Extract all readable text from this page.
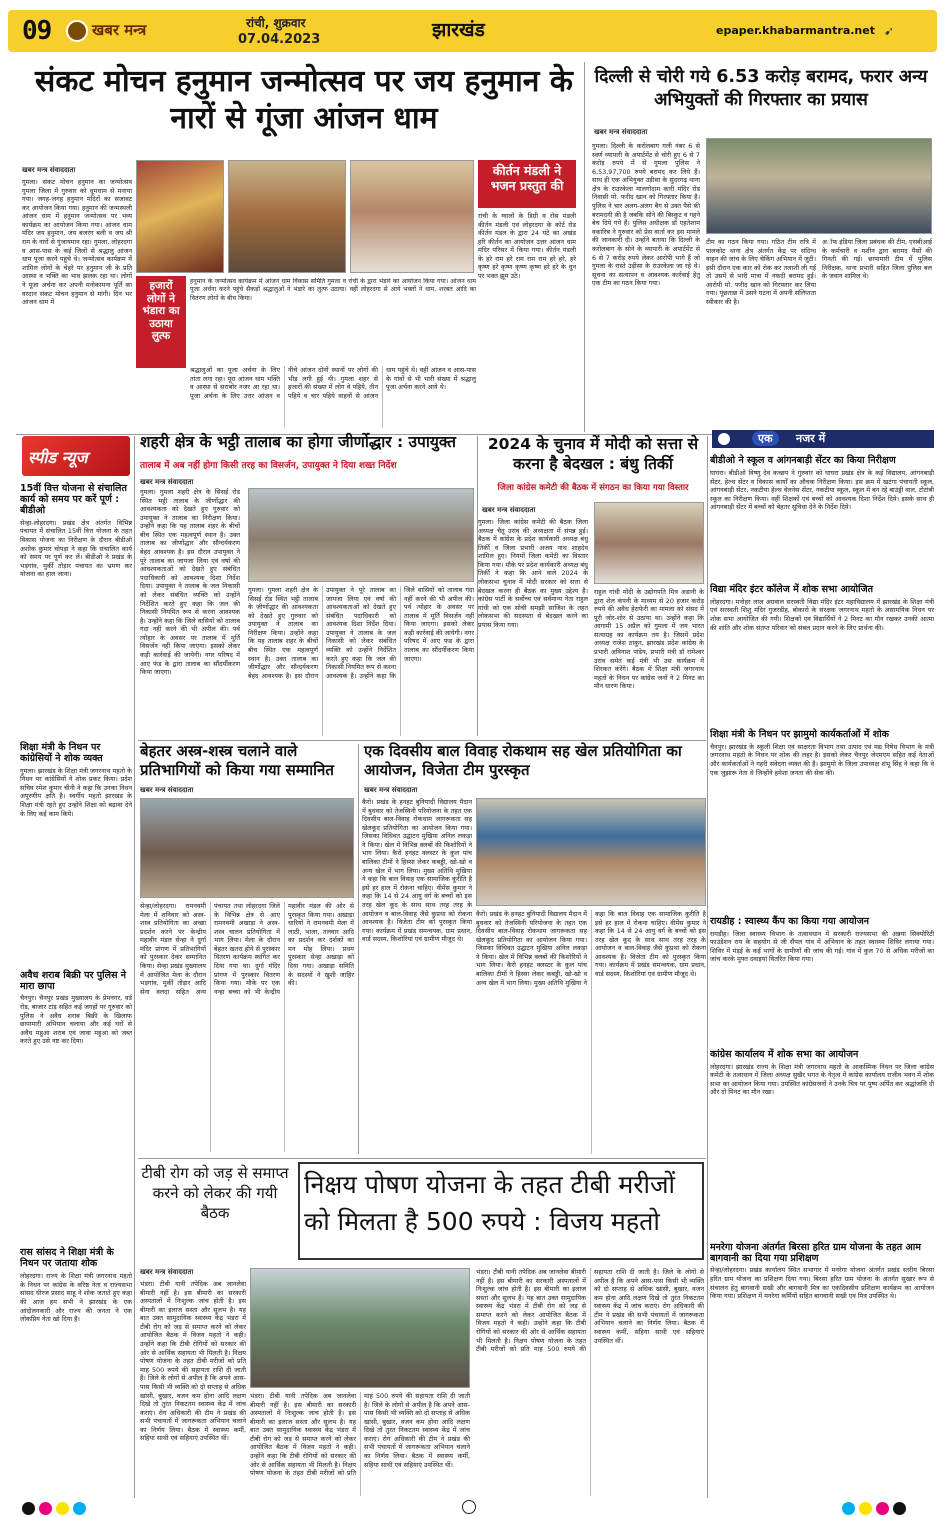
09	खबर मन्त्र	रांची, शुक्रवार
07.04.2023	झारखंड	epaper.khabarmantra.net ➹
संकट मोचन हनुमान जन्मोत्सव पर जय हनुमान के नारों से गूंजा आंजन धाम
खबर मन्त्र संवाददाता
गुमला। संकट मोचन हनुमान का जन्मोत्सव गुमला जिला में गुरुवार को धूमधाम से मनाया गया। जगह-जगह हनुमान मंदिरों का सजावट कर आयोजन किया गया। हनुमान की जन्मस्थली आंजन धाम में हनुमान जन्मोत्सव पर भव्य कार्यक्रम का आयोजन किया गया। आंजन धाम मंदिर जय हनुमान, जय बजरंग बली व जय श्री राम के नारों से गुंजायमान रहा। गुमला, लोहरदगा व आस-पास के कई जिलों से श्रद्धालु आंजन धाम पूजा करने पहुंचे थे। जन्मोत्सव कार्यक्रम में शामिल लोगों के चेहरे पर हनुमान जी के प्रति आस्था व भक्ति का भाव झलक रहा था। लोगों ने पूजा अर्चना कर अपनी मनोकामना पूर्ति का वरदान संकट मोचन हनुमान से मांगी। दिन भर आंजन धाम में
हजारों लोगों ने भंडारा का उठाया लुत्फ
हनुमान के जन्मोत्सव कार्यक्रम में आंजन धाम विकास समिति गुमला व रांची के द्वारा भंडारे का आयोजन किया गया। आंजन धाम पूजा अर्चना करने पहुंचे सैकड़ों श्रद्धालुओं ने भंडारे का लुत्फ उठाया। वहीं लोहरदगा से आये भक्तों ने धाम, शरबत आदि का वितरण लोगों के बीच किया।
कीर्तन मंडली ने भजन प्रस्तुत की
रांची के ग्वालों के डिग्री व रोस मंडली कीर्तन मंडली एवं लोहरदगा के कोर्ट रोड कीर्तन मंडल के द्वारा 24 घंटे का अखंड हरि कीर्तन का आयोजन उत्तर आंजन धाम मंदिर परिसर में किया गया। कीर्तन मंडली के हरे राम हरे राम राम राम हरे हरे, हरे कृष्ण हरे कृष्ण कृष्ण कृष्ण हरे हरे के धुन पर भक्त झूम उठे।
श्रद्धालुओं का पूजा अर्चना के लिए तांता लगा रहा। पूरा आंजन धाम भक्ति व आस्था से सराबोर नजर आ रहा था। पूजा अर्चना के लिए उत्तर आंजन व नीचे आंजन दोनों स्थानों पर लोगों की भीड़ लगी हुई थी। गुमला शहर से हजारों की संख्या में लोग वे पहिये, तीन पहिये व चार पहिये वाहनों से आंजन धाम पहुंचे थे। वहीं आंजन व आस-पास के गांवों से भी भारी संख्या में श्रद्धालु पूजा अर्चना करने आये थे।
दिल्ली से चोरी गये 6.53 करोड़ बरामद, फरार अन्य अभियुक्तों की गिरफ्तार का प्रयास
खबर मन्त्र संवाददाता
गुमला। दिल्ली के करोलबाग गली नंबर 6 से स्वर्ण व्यापारी के अपार्टमेंट से चोरी हुए 6 से 7 करोड़ रुपये में से गुमला पुलिस ने 6,53,97,700 रुपये बरामद कर लिये हैं। साथ ही एक अभियुक्त उड़ीसा के सुंदरगढ़ थाना क्षेत्र के राउरकेला मालगोदाम कारी मंदिर रोड निवासी मो. फरीद खान को गिरफ्तार किया है। पुलिस ने चार अलग-अलग बैग से उक्त पैसे की बरामदगी की है जबकि सोने की बिस्कुट व गहने बेच दिये गये हैं। पुलिस अधीक्षक डॉ एहतेशाम वकारिब ने गुरुवार को प्रेस वार्ता कर इस मामले की जानकारी दी। उन्होंने बताया कि दिल्ली के करोलबाग के सोने के व्यापारी के अपार्टमेंट से 6 से 7 करोड़ रुपये लेकर आरोपी भागे हैं जो गुमला के रास्ते उड़ीसा के राउरकेला जा रहे थे। सूचना का सत्यापन व आवश्यक कार्रवाई हेतु एक टीम का गठन किया गया।
टीम का गठन किया गया। गठित टीम रात्रि में पालकोट थाना क्षेत्र अंतर्गत केंद्र पर संदिग्ध वाहन की जांच के लिए चेकिंग अभियान में जुटी। इसी दौरान एक कार को रोक कर तलाशी ली गई तो उसमें से भारी मात्रा में नकदी बरामद हुई। आरोपी मो. फरीद खान को गिरफ्तार कर लिया गया। पूछताछ में उसने घटना में अपनी संलिप्तता स्वीकार की है।
अॉफ इंडिया जिला प्रबंधक की टीम, एसबीआई के कर्मचारी व मशीन द्वारा बरामद पैसों की गिनती की गई। छापामारी टीम में पुलिस निरीक्षक, थाना प्रभारी सहित जिला पुलिस बल के जवान शामिल थे।
स्पीड न्यूज
15वीं वित्त योजना से संचालित कार्य को समय पर करें पूर्ण : बीडीओ
सेन्हा-लोहरदगा। प्रखंड क्षेत्र अंतर्गत विभिन्न पंचायत में संचालित 15वीं वित्त योजना के तहत विकास योजना का निरीक्षण के दौरान बीडीओ अशोक कुमार चोपड़ा ने कहा कि संचालित कार्य को समय पर पूर्ण कर लें। बीडीओ ने प्रखंड के भड़गांव, मुर्की तोड़ार पंचायत का भ्रमण कर योजना का हाल जाना।
शिक्षा मंत्री के निधन पर कांग्रेसियों ने शोक व्यक्त
गुमला। झारखंड के शिक्षा मंत्री जगरनाथ महतो के निधन पर कांग्रेसियों ने शोक प्रकट किया। प्रदेश सचिव रमेश कुमार चीनी ने कहा कि उनका निधन अपूरणीय क्षति है। स्वर्गीय महतो झारखंड के शिक्षा मंत्री रहते हुए उन्होंने शिक्षा को बढ़ावा देने के लिए कई काम किये।
अवैध शराब बिक्री पर पुलिस ने मारा छापा
चैनपुर। चैनपुर प्रखंड मुख्यालय के प्रेमनगर, वर्ड रोड, बाजार टांड़ सहित कई जगहों पर गुरुवार को पुलिस ने अवैध शराब बिक्री के खिलाफ छापामारी अभियान चलाया और कई घरों से अवैध महुआ शराब एवं जावा महुआ को जब्त करते हुए उसे नष्ट कर दिया।
रास सांसद ने शिक्षा मंत्री के निधन पर जताया शोक
लोहरदगा। राज्य के शिक्षा मंत्री जगरनाथ महतो के निधन पर कांग्रेस के वरिष्ठ नेता व राज्यसभा सांसद धीरज प्रसाद साहू ने शोक जताते हुए कहा की आज हम सभी ने झारखंड के एक आंदोलनकारी और राज्य की जनता ने एक लोकप्रिय नेता खो दिया है।
शहरी क्षेत्र के भट्ठी तालाब का होगा जीर्णोद्धार : उपायुक्त
तालाब में अब नहीं होगा किसी तरह का विसर्जन, उपायुक्त ने दिया शख्त निर्देश
खबर मन्त्र संवाददाता
गुमला। गुमला शहरी क्षेत्र के सिसई रोड स्थित भट्ठी तालाब के जीर्णोद्धार की आवश्यकता को देखते हुए गुरुवार को उपायुक्त ने तालाब का निरीक्षण किया। उन्होंने कहा कि यह तालाब शहर के बीचों बीच स्थित एक महत्वपूर्ण स्थान है। उक्त तालाब का जीर्णोद्धार और सौन्दर्यकरण बेहद आवश्यक है। इस दौरान उपायुक्त ने पूरे तालाब का जायजा लिया एवं वर्षा की आवश्यकताओं को देखते हुए संबंधित पदाधिकारी को आवश्यक दिशा निर्देश दिया। उपायुक्त ने तालाब के जल निकासी को लेकर संबंधित व्यक्ति को उन्होंने निर्देशित करते हुए कहा कि जल की निकासी नियमित रूप से करना आवश्यक है। उन्होंने कहा कि जिले वासियों को तालाब गंदा नहीं करने की भी अपील की। पर्व त्योहार के अवसर पर तालाब में मूर्ति विसर्जन नहीं किया जाएगा। इसको लेकर कड़ी कार्रवाई की जायेगी। नगर परिषद में आए फंड के द्वारा तालाब का सौंदर्यीकरण किया जाएगा।
गुमला। गुमला शहरी क्षेत्र के सिसई रोड स्थित भट्ठी तालाब के जीर्णोद्धार की आवश्यकता को देखते हुए गुरुवार को उपायुक्त ने तालाब का निरीक्षण किया। उन्होंने कहा कि यह तालाब शहर के बीचों बीच स्थित एक महत्वपूर्ण स्थान है। उक्त तालाब का जीर्णोद्धार और सौन्दर्यकरण बेहद आवश्यक है। इस दौरान उपायुक्त ने पूरे तालाब का जायजा लिया एवं वर्षा की आवश्यकताओं को देखते हुए संबंधित पदाधिकारी को आवश्यक दिशा निर्देश दिया। उपायुक्त ने तालाब के जल निकासी को लेकर संबंधित व्यक्ति को उन्होंने निर्देशित करते हुए कहा कि जल की निकासी नियमित रूप से करना आवश्यक है। उन्होंने कहा कि जिले वासियों को तालाब गंदा नहीं करने की भी अपील की। पर्व त्योहार के अवसर पर तालाब में मूर्ति विसर्जन नहीं किया जाएगा। इसको लेकर कड़ी कार्रवाई की जायेगी। नगर परिषद में आए फंड के द्वारा तालाब का सौंदर्यीकरण किया जाएगा।
2024 के चुनाव में मोदी को सत्ता से करना है बेदखल : बंधु तिर्की
जिला कांग्रेस कमेटी की बैठक में संगठन का किया गया विस्तार
खबर मन्त्र संवाददाता
गुमला। जिला कांग्रेस कमेटी की बैठक जिला अध्यक्ष चैतू उरांव की अध्यक्षता में संपन्न हुई। बैठक में कांग्रेस के प्रदेश कार्यकारी अध्यक्ष बंधु तिर्की व जिला प्रभारी अजय नाथ शाहदेव शामिल हुए। नियमों जिला कमेटी का विस्तार किया गया। मौके पर प्रदेश कार्यकारी अध्यक्ष बंधु तिर्की ने कहा कि आने वाले 2024 के लोकसभा चुनाव में मोदी सरकार को सत्ता से बेदखल करना ही बैठक का मुख्य उद्देश्य है। कांग्रेस पार्टी के सर्वोच्च एवं सर्वमान्य नेता राहुल गांधी को एक सोची समझी साजिश के तहत लोकसभा की सदस्यता से बेदखल करने का प्रयास किया गया।
राहुल गांधी मोदी के उद्योगपति मित्र अडानी के द्वारा शेल कंपनी के माध्यम से 20 हजार करोड़ रुपये की अवैध हेराफेरी का मामला को संसद में पूरी जोर-शोर से उठाया था। उन्होंने कहा कि आगामी 15 अप्रैल को गुमला में जय भारत सत्याग्रह का कार्यक्रम तय है। जिसमें प्रदेश अध्यक्ष राजेश ठाकुर, झारखंड प्रदेश कांग्रेस के प्रभारी अविनाश पांडेय, प्रभारी मंत्री डॉ रामेश्वर उरांव समेत कई मंत्री भी उस कार्यक्रम में शिरकत करेंगे। बैठक में शिक्षा मंत्री जगरनाथ महतो के निधन पर कांग्रेस जनों ने 2 मिनट का मौन धारण किया।
एक	नजर में
बीडीओ ने स्कूल व आंगनबाड़ी सेंटर का किया निरीक्षण
घाघरा। बीडीओ विष्णु देव कच्छप ने गुरुवार को घाघरा प्रखंड क्षेत्र के कई विद्यालय, आंगनबाड़ी सेंटर, हेल्थ सेंटर व विकास कार्यों का औचक निरीक्षण किया। इस क्रम में खटंगा पंचायती स्कूल, आंगनबाड़ी सेंटर, नकटीया हेल्थ वेलनेस सेंटर, नकटीया स्कूल, स्कूल में बन रहे बाउंड्री वाल, टोटांबी स्कूल का निरीक्षण किया। वहीं शिक्षकों एवं बच्चों को आवश्यक दिशा निर्देश दिये। इसके साथ ही आंगनबाड़ी सेंटर में बच्चों को बेहतर सुविधा देने के निर्देश दिये।
विद्या मंदिर इंटर कॉलेज में शोक सभा आयोजित
लोहरदगा। मनोहर लाल अग्रवाल सरस्वती विद्या मंदिर इंटर महाविद्यालय में झारखंड के शिक्षा मंत्री एवं सरस्वती शिशु मंदिर गुजरडीह, बोकारो के संरक्षक जगरनाथ महतो के असामयिक निधन पर शोक सभा आयोजित की गयी। शिक्षकों एवं विद्यार्थियों ने 2 मिनट का मौन रखकर उनकी आत्मा की शांति और शोक संतप्त परिवार को संबल प्रदान करने के लिए प्रार्थना की।
शिक्षा मंत्री के निधन पर झामुमो कार्यकर्ताओं में शोक
चैनपुर। झारखंड के स्कूली शिक्षा एवं साक्षरता विभाग तथा उत्पाद एवं मद्य निषेध विभाग के मंत्री जगरनाथ महतो के निधन पर शोक की लहर है। इसको लेकर चैनपुर जेएमएम सहित कई नेताओं और कार्यकर्ताओं ने गहरी संवेदना व्यक्त की है। झामुमो के जिला उपाध्यक्ष शंभू सिंह ने कहा कि वे एक जुझारू नेता थे जिन्होंने हमेशा जनता की सेवा की।
रायडीह : स्वास्थ्य कैंप का किया गया आयोजन
रायडीह। जिला स्वास्थ्य विभाग के तत्वावधान में सरकारी राज्यसभा की अन्नया सिक्योरिटी फाउंडेशन राय के सहयोग से जी सैंपल गांव में अभियान के तहत स्वास्थ्य शिविर लगाया गया। शिविर में मंड़ई के कई भागों के ग्रामीणों की जांच की गई। गांव में कुल 70 से अधिक मरीजों का जांच करके मुफ्त दवाइयां वितरित किया गया।
कांग्रेस कार्यालय में शोक सभा का आयोजन
लोहरदगा। झारखंड राज्य के शिक्षा मंत्री जगरनाथ महतो के आकस्मिक निधन पर जिला कांग्रेस कमेटी के तत्वाधान में जिला अध्यक्ष सुखैर भगत के नेतृत्व में कांग्रेस कार्यालय राजीव भवन में शोक सभा का आयोजन किया गया। उपस्थित कांग्रेसजनों ने उनके चित्र पर पुष्प अर्पित कर श्रद्धांजलि दी और दो मिनट का मौन रखा।
मनरेगा योजना अंतर्गत बिरसा हरित ग्राम योजना के तहत आम बागवानी का दिया गया प्रशिक्षण
सेन्हा/लोहरदगा। प्रखंड कार्यालय स्थित सभागार में मनरेगा योजना अंतर्गत प्रखंड स्तरीय बिरसा हरित ग्राम योजना का प्रशिक्षण दिया गया। बिरसा हरित ग्राम योजना के अंतर्गत सुखार रूप से संचालन हेतु बागवानी सखी और बागवानी मित्र का एकदिवसीय प्रशिक्षण कार्यक्रम का आयोजन किया गया। प्रशिक्षण में मनरेगा कर्मियों सहित बागवानी सखी एवं मित्र उपस्थित थे।
बेहतर अस्त्र-शस्त्र चलाने वाले प्रतिभागियों को किया गया सम्मानित
खबर मन्त्र संवाददाता
सेन्हा/लोहरदगा। रामनवमी मेला में शनिवार को अस्त्र-शस्त्र प्रतियोगिता का अच्छा प्रदर्शन करने पर केन्द्रीय महावीर मंडल सेन्हा ने दुर्गा मंदिर प्रांगण में प्रतिभागियों को पुरस्कार देकर सम्मानित किया। सेन्हा प्रखंड मुख्यालय में आयोजित मेला के दौरान भड़गांव, मुर्की तोड़ार आदि सेना वलदा सहित अन्य पंचायत तथा लोहरदगा जिले के विभिन्न क्षेत्र से आए रामनवमी अखाड़ा ने अस्त्र-शस्त्र चालन प्रतियोगिता में भाग लिया। मेला के दौरान बेहतर खतरा होने से पुरस्कार वितरण कार्यक्रम स्थगित कर दिया गया था। दुर्गा मंदिर प्रांगण में पुरस्कार वितरण किया गया। मौके पर एक नन्हा बच्चा को भी केन्द्रीय महावीर मंडल की ओर से पुरस्कृत किया गया। अखाड़ा धारियों ने रामनवमी मेला में लाठी, भाला, तलवार आदि का प्रदर्शन कर दर्शकों का मन मोह लिया। प्रथम पुरस्कार सेन्हा अखाड़ा को दिया गया। अखाड़ा समिति के सदस्यों ने खुशी जाहिर की।
एक दिवसीय बाल विवाह रोकथाम सह खेल प्रतियोगिता का आयोजन, विजेता टीम पुरस्कृत
खबर मन्त्र संवाददाता
कैरो। प्रखंड के हनहट बुनियादी विद्यालय मैदान में बुधवार को तेजस्विनी परियोजना के तहत एक दिवसीय बाल-विवाह रोकथाम जागरूकता सह खेलकूद प्रतियोगिता का आयोजन किया गया। जिसका विधिवत उद्घाटन मुखिया अनिल लकड़ा ने किया। खेल में विभिन्न क्लबों की किशोरियों ने भाग लिया। कैरो हनहट क्लस्टर के कुल पांच बालिका टीमों ने हिस्सा लेकर कबड्डी, खो-खो व अन्य खेल में भाग लिया। मुख्य अतिथि मुखिया ने कहा कि बाल विवाह एक सामाजिक कुरीति है इसे हर हाल में रोकना चाहिए। वीमेंस कुमार ने कहा कि 14 से 24 आयु वर्ग के बच्चों को इस तरह खेल कूद के साथ साथ तरह तरह के आयोजन व बाल-विवाह जैसे कुप्रथा को रोकना आवश्यक है। विजेता टीम को पुरस्कृत किया गया। कार्यक्रम में प्रखंड समन्वयक, ग्राम प्रधान, वार्ड सदस्य, किशोरियां एवं ग्रामीण मौजूद थे।
कैरो। प्रखंड के हनहट बुनियादी विद्यालय मैदान में बुधवार को तेजस्विनी परियोजना के तहत एक दिवसीय बाल-विवाह रोकथाम जागरूकता सह खेलकूद प्रतियोगिता का आयोजन किया गया। जिसका विधिवत उद्घाटन मुखिया अनिल लकड़ा ने किया। खेल में विभिन्न क्लबों की किशोरियों ने भाग लिया। कैरो हनहट क्लस्टर के कुल पांच बालिका टीमों ने हिस्सा लेकर कबड्डी, खो-खो व अन्य खेल में भाग लिया। मुख्य अतिथि मुखिया ने कहा कि बाल विवाह एक सामाजिक कुरीति है इसे हर हाल में रोकना चाहिए। वीमेंस कुमार ने कहा कि 14 से 24 आयु वर्ग के बच्चों को इस तरह खेल कूद के साथ साथ तरह तरह के आयोजन व बाल-विवाह जैसे कुप्रथा को रोकना आवश्यक है। विजेता टीम को पुरस्कृत किया गया। कार्यक्रम में प्रखंड समन्वयक, ग्राम प्रधान, वार्ड सदस्य, किशोरियां एवं ग्रामीण मौजूद थे।
टीबी रोग को जड़ से समाप्त करने को लेकर की गयी बैठक
निक्षय पोषण योजना के तहत टीबी मरीजों को मिलता है 500 रुपये : विजय महतो
खबर मन्त्र संवाददाता
भंडरा। टीबी यानी तपेदिक अब जानलेवा बीमारी नहीं है। इस बीमारी का सरकारी अस्पतालों में निःशुल्क जांच होती है। इस बीमारी का इलाज सस्ता और सुलभ है। यह बात उक्त सामुदायिक स्वास्थ्य केंद्र भंडरा में टीबी रोग को जड़ से समाप्त करने को लेकर आयोजित बैठक में विजय महतो ने कही। उन्होंने कहा कि टीबी रोगियों को सरकार की ओर से आर्थिक सहायता भी मिलती है। निक्षय पोषण योजना के तहत टीबी मरीजों को प्रति माह 500 रुपये की सहायता राशि दी जाती है। जिले के लोगों से अपील है कि अपने आस-पास किसी भी व्यक्ति को दो सप्ताह से अधिक खांसी, बुखार, वजन कम होना आदि लक्षण दिखे तो तुरंत निकटतम स्वास्थ्य केंद्र में जांच कराएं। रोग अधिकारी की टीम ने प्रखंड की सभी पंचायतों में जागरूकता अभियान चलाने का निर्णय लिया। बैठक में स्वास्थ्य कर्मी, सहिया साथी एवं सहियाएं उपस्थित थीं।
भंडरा। टीबी यानी तपेदिक अब जानलेवा बीमारी नहीं है। इस बीमारी का सरकारी अस्पतालों में निःशुल्क जांच होती है। इस बीमारी का इलाज सस्ता और सुलभ है। यह बात उक्त सामुदायिक स्वास्थ्य केंद्र भंडरा में टीबी रोग को जड़ से समाप्त करने को लेकर आयोजित बैठक में विजय महतो ने कही। उन्होंने कहा कि टीबी रोगियों को सरकार की ओर से आर्थिक सहायता भी मिलती है। निक्षय पोषण योजना के तहत टीबी मरीजों को प्रति माह 500 रुपये की सहायता राशि दी जाती है। जिले के लोगों से अपील है कि अपने आस-पास किसी भी व्यक्ति को दो सप्ताह से अधिक खांसी, बुखार, वजन कम होना आदि लक्षण दिखे तो तुरंत निकटतम स्वास्थ्य केंद्र में जांच कराएं। रोग अधिकारी की टीम ने प्रखंड की सभी पंचायतों में जागरूकता अभियान चलाने का निर्णय लिया। बैठक में स्वास्थ्य कर्मी, सहिया साथी एवं सहियाएं उपस्थित थीं।
भंडरा। टीबी यानी तपेदिक अब जानलेवा बीमारी नहीं है। इस बीमारी का सरकारी अस्पतालों में निःशुल्क जांच होती है। इस बीमारी का इलाज सस्ता और सुलभ है। यह बात उक्त सामुदायिक स्वास्थ्य केंद्र भंडरा में टीबी रोग को जड़ से समाप्त करने को लेकर आयोजित बैठक में विजय महतो ने कही। उन्होंने कहा कि टीबी रोगियों को सरकार की ओर से आर्थिक सहायता भी मिलती है। निक्षय पोषण योजना के तहत टीबी मरीजों को प्रति माह 500 रुपये की सहायता राशि दी जाती है। जिले के लोगों से अपील है कि अपने आस-पास किसी भी व्यक्ति को दो सप्ताह से अधिक खांसी, बुखार, वजन कम होना आदि लक्षण दिखे तो तुरंत निकटतम स्वास्थ्य केंद्र में जांच कराएं। रोग अधिकारी की टीम ने प्रखंड की सभी पंचायतों में जागरूकता अभियान चलाने का निर्णय लिया। बैठक में स्वास्थ्य कर्मी, सहिया साथी एवं सहियाएं उपस्थित थीं।
